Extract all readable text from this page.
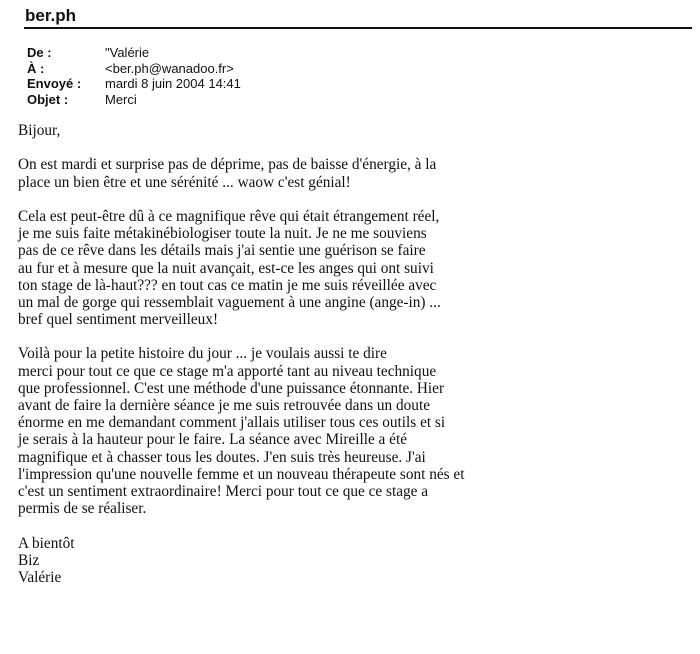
ber.ph
De :	"Valérie
À :	<ber.ph@wanadoo.fr>
Envoyé :	mardi 8 juin 2004 14:41
Objet :	Merci
Bijour,
On est mardi et surprise pas de déprime, pas de baisse d'énergie, à la
place un bien être et une sérénité ... waow c'est génial!
Cela est peut-être dû à ce magnifique rêve qui était étrangement réel,
je me suis faite métakinébiologiser toute la nuit. Je ne me souviens
pas de ce rêve dans les détails mais j'ai sentie une guérison se faire
au fur et à mesure que la nuit avançait, est-ce les anges qui ont suivi
ton stage de là-haut??? en tout cas ce matin je me suis réveillée avec
un mal de gorge qui ressemblait vaguement à une angine (ange-in) ...
bref quel sentiment merveilleux!
Voilà pour la petite histoire du jour ... je voulais aussi te dire
merci pour tout ce que ce stage m'a apporté tant au niveau technique
que professionnel. C'est une méthode d'une puissance étonnante. Hier
avant de faire la dernière séance je me suis retrouvée dans un doute
énorme en me demandant comment j'allais utiliser tous ces outils et si
je serais à la hauteur pour le faire. La séance avec Mireille a été
magnifique et à chasser tous les doutes. J'en suis très heureuse. J'ai
l'impression qu'une nouvelle femme et un nouveau thérapeute sont nés et
c'est un sentiment extraordinaire! Merci pour tout ce que ce stage a
permis de se réaliser.
A bientôt
Biz
Valérie
